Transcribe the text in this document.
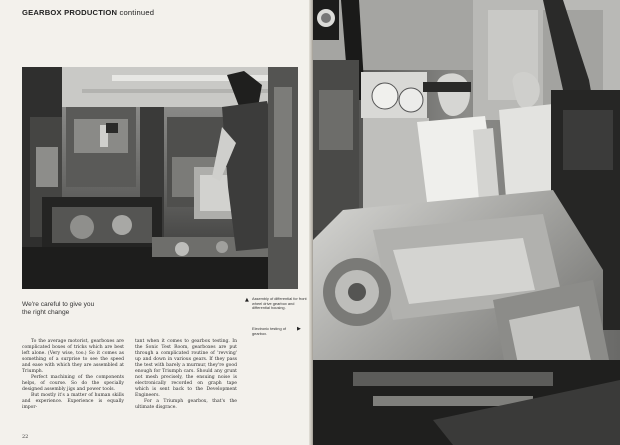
GEARBOX PRODUCTION continued
We're careful to give you
the right change
▲ Assembly of differential for front wheel drive gearbox and differential housing.
Electronic testing of gearbox.
▶

To the average motorist, gearboxes are complicated boxes of tricks which are best left alone. (Very wise, too.) So it comes as something of a surprise to see the speed and ease with which they are assembled at Triumph.

Perfect machining of the components helps, of course. So do the specially designed assembly jigs and power tools.

But mostly it's a matter of human skills and experience. Experience is equally impor-

tant when it comes to gearbox testing. In the Sonic Test Room, gearboxes are put through a complicated routine of 'revving' up and down in various gears. If they pass the test with barely a murmur, they're good enough for Triumph cars. Should any grunt not mesh precisely, the ensuing noise is electronically recorded on graph tape which is sent back to the Development Engineers.

For a Triumph gearbox, that's the ultimate disgrace.

22
